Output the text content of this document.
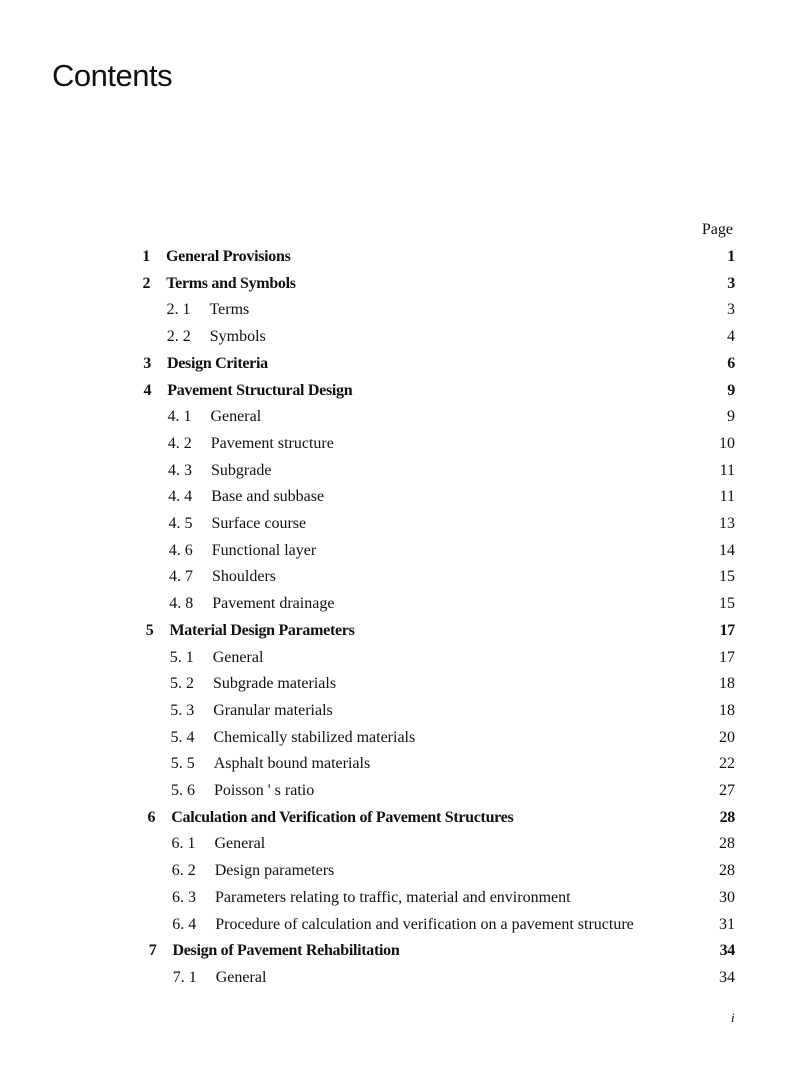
Contents
Page
1 General Provisions	1
2 Terms and Symbols	3
2. 1 Terms	3
2. 2 Symbols	4
3 Design Criteria	6
4 Pavement Structural Design	9
4. 1 General	9
4. 2 Pavement structure	10
4. 3 Subgrade	11
4. 4 Base and subbase	11
4. 5 Surface course	13
4. 6 Functional layer	14
4. 7 Shoulders	15
4. 8 Pavement drainage	15
5 Material Design Parameters	17
5. 1 General	17
5. 2 Subgrade materials	18
5. 3 Granular materials	18
5. 4 Chemically stabilized materials	20
5. 5 Asphalt bound materials	22
5. 6 Poisson ' s ratio	27
6 Calculation and Verification of Pavement Structures	28
6. 1 General	28
6. 2 Design parameters	28
6. 3 Parameters relating to traffic, material and environment	30
6. 4 Procedure of calculation and verification on a pavement structure	31
7 Design of Pavement Rehabilitation	34
7. 1 General	34
i
